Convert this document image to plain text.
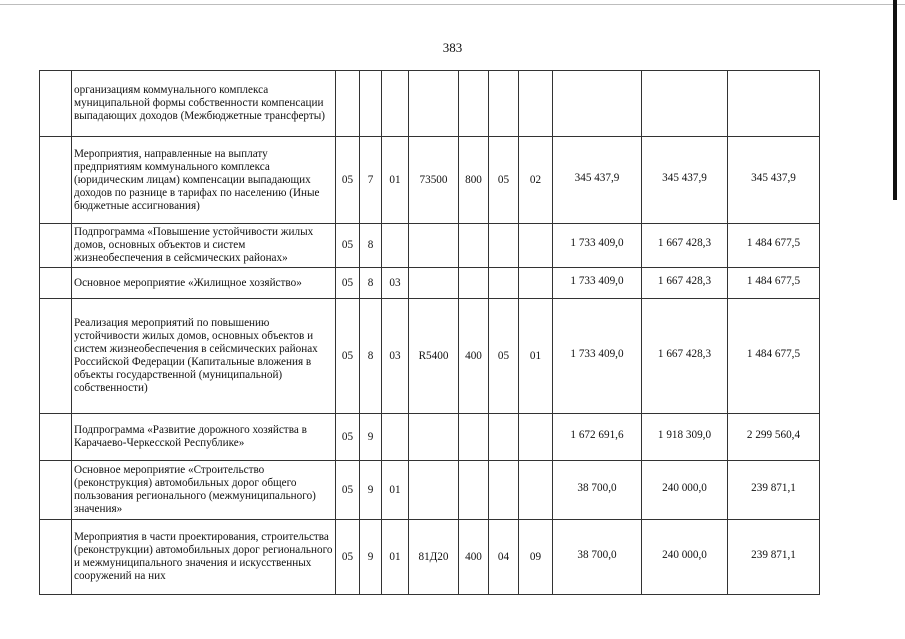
383
	организациям коммунального комплекса муниципальной формы собственности компенсации выпадающих доходов (Межбюджетные трансферты)										
	Мероприятия, направленные на выплату предприятиям коммунального комплекса (юридическим лицам) компенсации выпадающих доходов по разнице в тарифах по населению (Иные бюджетные ассигнования)	05	7	01	73500	800	05	02	345 437,9	345 437,9	345 437,9
	Подпрограмма «Повышение устойчивости жилых домов, основных объектов и систем жизнеобеспечения в сейсмических районах»	05	8						1 733 409,0	1 667 428,3	1 484 677,5
	Основное мероприятие «Жилищное хозяйство»	05	8	03					1 733 409,0	1 667 428,3	1 484 677,5
	Реализация мероприятий по повышению устойчивости жилых домов, основных объектов и систем жизнеобеспечения в сейсмических районах Российской Федерации (Капитальные вложения в объекты государственной (муниципальной) собственности)	05	8	03	R5400	400	05	01	1 733 409,0	1 667 428,3	1 484 677,5
	Подпрограмма «Развитие дорожного хозяйства в Карачаево-Черкесской Республике»	05	9						1 672 691,6	1 918 309,0	2 299 560,4
	Основное мероприятие «Строительство (реконструкция) автомобильных дорог общего пользования регионального (межмуниципального) значения»	05	9	01					38 700,0	240 000,0	239 871,1
	Мероприятия в части проектирования, строительства (реконструкции) автомобильных дорог регионального и межмуниципального значения и искусственных сооружений на них	05	9	01	81Д20	400	04	09	38 700,0	240 000,0	239 871,1
